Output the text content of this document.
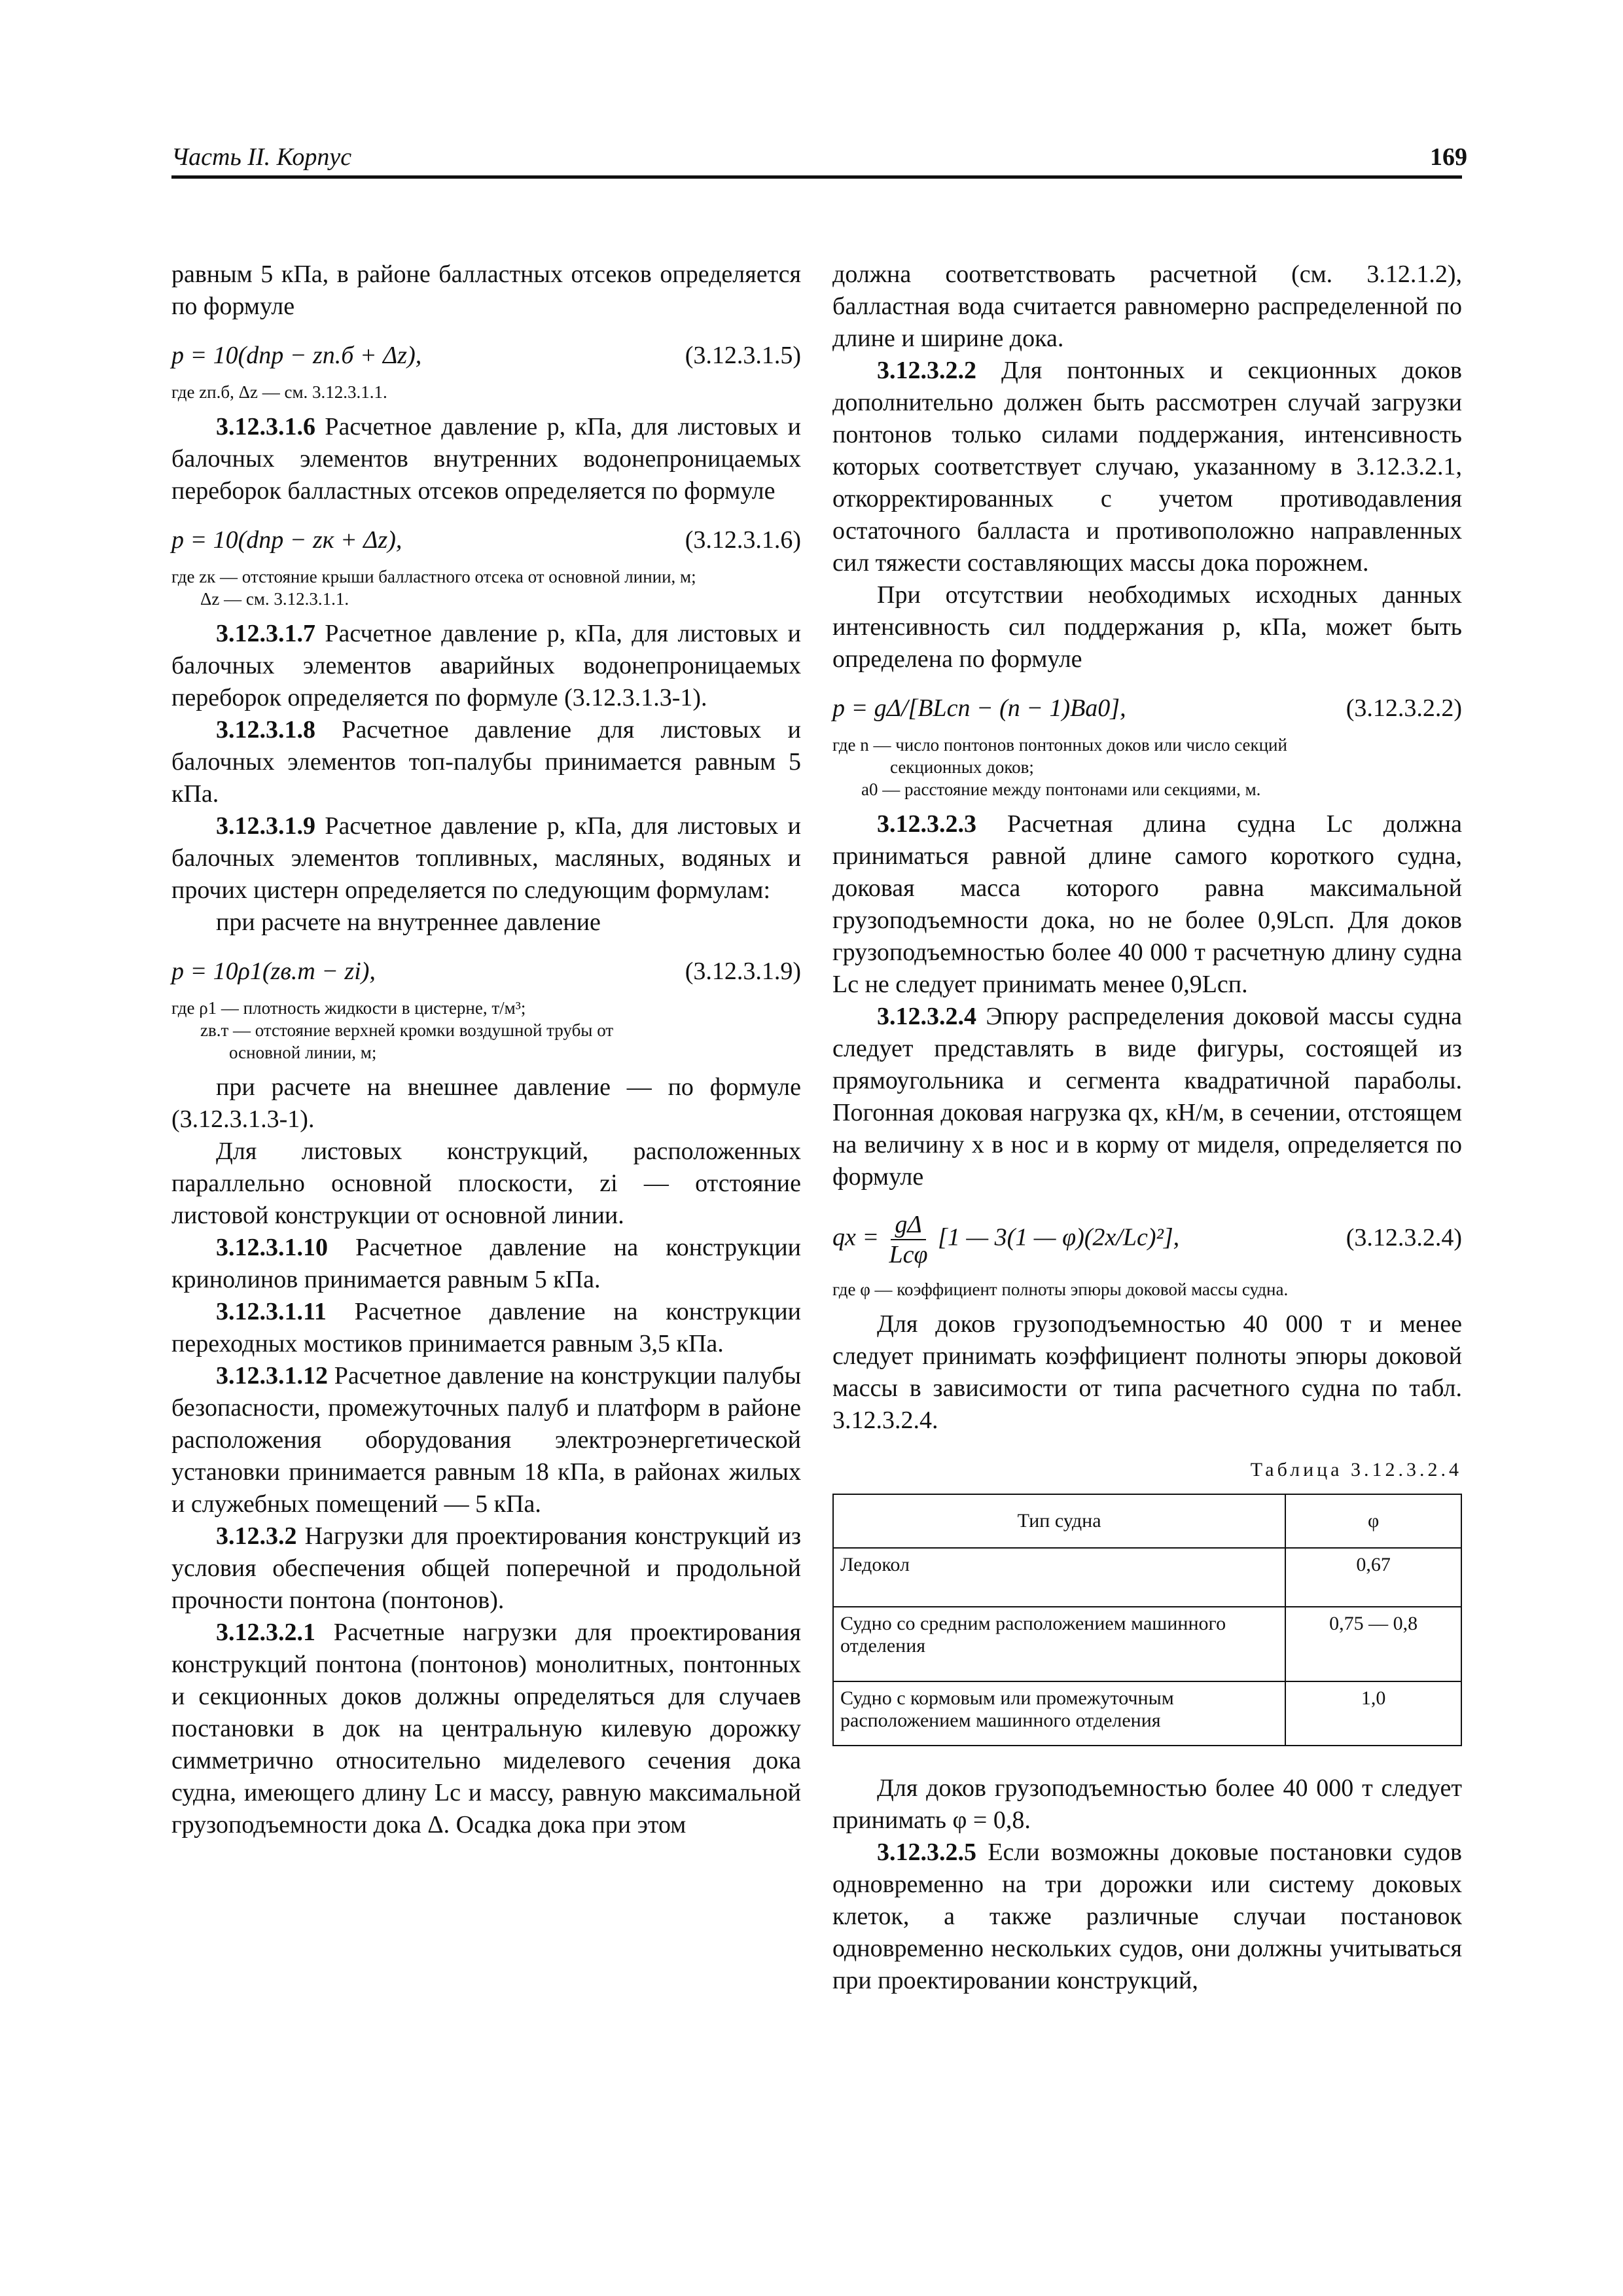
Часть II. Корпус	169

равным 5 кПа, в районе балластных отсеков определяется по формуле

p = 10(dпр − zп.б + Δz),	(3.12.3.1.5)
где zп.б, Δz — см. 3.12.3.1.1.

3.12.3.1.6 Расчетное давление p, кПа, для листовых и балочных элементов внутренних водонепроницаемых переборок балластных отсеков определяется по формуле

p = 10(dпр − zк + Δz),	(3.12.3.1.6)
где zк — отстояние крыши балластного отсека от основной линии, м;
Δz — см. 3.12.3.1.1.

3.12.3.1.7 Расчетное давление p, кПа, для листовых и балочных элементов аварийных водонепроницаемых переборок определяется по формуле (3.12.3.1.3-1).

3.12.3.1.8 Расчетное давление для листовых и балочных элементов топ-палубы принимается равным 5 кПа.

3.12.3.1.9 Расчетное давление p, кПа, для листовых и балочных элементов топливных, масляных, водяных и прочих цистерн определяется по следующим формулам:

при расчете на внутреннее давление

p = 10ρ1(zв.т − zi),	(3.12.3.1.9)
где ρ1 — плотность жидкости в цистерне, т/м³;
zв.т — отстояние верхней кромки воздушной трубы от
основной линии, м;

при расчете на внешнее давление — по формуле (3.12.3.1.3-1).

Для листовых конструкций, расположенных параллельно основной плоскости, zi — отстояние листовой конструкции от основной линии.

3.12.3.1.10 Расчетное давление на конструкции кринолинов принимается равным 5 кПа.

3.12.3.1.11 Расчетное давление на конструкции переходных мостиков принимается равным 3,5 кПа.

3.12.3.1.12 Расчетное давление на конструкции палубы безопасности, промежуточных палуб и платформ в районе расположения оборудования электроэнергетической установки принимается равным 18 кПа, в районах жилых и служебных помещений — 5 кПа.

3.12.3.2 Нагрузки для проектирования конструкций из условия обеспечения общей поперечной и продольной прочности понтона (понтонов).

3.12.3.2.1 Расчетные нагрузки для проектирования конструкций понтона (понтонов) монолитных, понтонных и секционных доков должны определяться для случаев постановки в док на центральную килевую дорожку симметрично относительно миделевого сечения дока судна, имеющего длину Lс и массу, равную максимальной грузоподъемности дока Δ. Осадка дока при этом

должна соответствовать расчетной (см. 3.12.1.2), балластная вода считается равномерно распределенной по длине и ширине дока.

3.12.3.2.2 Для понтонных и секционных доков дополнительно должен быть рассмотрен случай загрузки понтонов только силами поддержания, интенсивность которых соответствует случаю, указанному в 3.12.3.2.1, откорректированных с учетом противодавления остаточного балласта и противоположно направленных сил тяжести составляющих массы дока порожнем.

При отсутствии необходимых исходных данных интенсивность сил поддержания p, кПа, может быть определена по формуле

p = gΔ/[BLсп − (n − 1)Ba0],	(3.12.3.2.2)
где n — число понтонов понтонных доков или число секций
секционных доков;
a0 — расстояние между понтонами или секциями, м.

3.12.3.2.3 Расчетная длина судна Lс должна приниматься равной длине самого короткого судна, доковая масса которого равна максимальной грузоподъемности дока, но не более 0,9Lсп. Для доков грузоподъемностью более 40 000 т расчетную длину судна Lс не следует принимать менее 0,9Lсп.

3.12.3.2.4 Эпюру распределения доковой массы судна следует представлять в виде фигуры, состоящей из прямоугольника и сегмента квадратичной параболы. Погонная доковая нагрузка qx, кН/м, в сечении, отстоящем на величину x в нос и в корму от миделя, определяется по формуле

qx = $\frac{g\Delta}{\text{Lсφ}} [1$ — 3(1 — φ)(2x/Lс)²],	(3.12.3.2.4)
где φ — коэффициент полноты эпюры доковой массы судна.

Для доков грузоподъемностью 40 000 т и менее следует принимать коэффициент полноты эпюры доковой массы в зависимости от типа расчетного судна по табл. 3.12.3.2.4.

Таблица 3.12.3.2.4
Тип судна	φ
Ледокол	0,67
Судно со средним расположением машинного отделения	0,75 — 0,8
Судно с кормовым или промежуточным расположением машинного отделения	1,0

Для доков грузоподъемностью более 40 000 т следует принимать φ = 0,8.

3.12.3.2.5 Если возможны доковые постановки судов одновременно на три дорожки или систему доковых клеток, а также различные случаи постановок одновременно нескольких судов, они должны учитываться при проектировании конструкций,
